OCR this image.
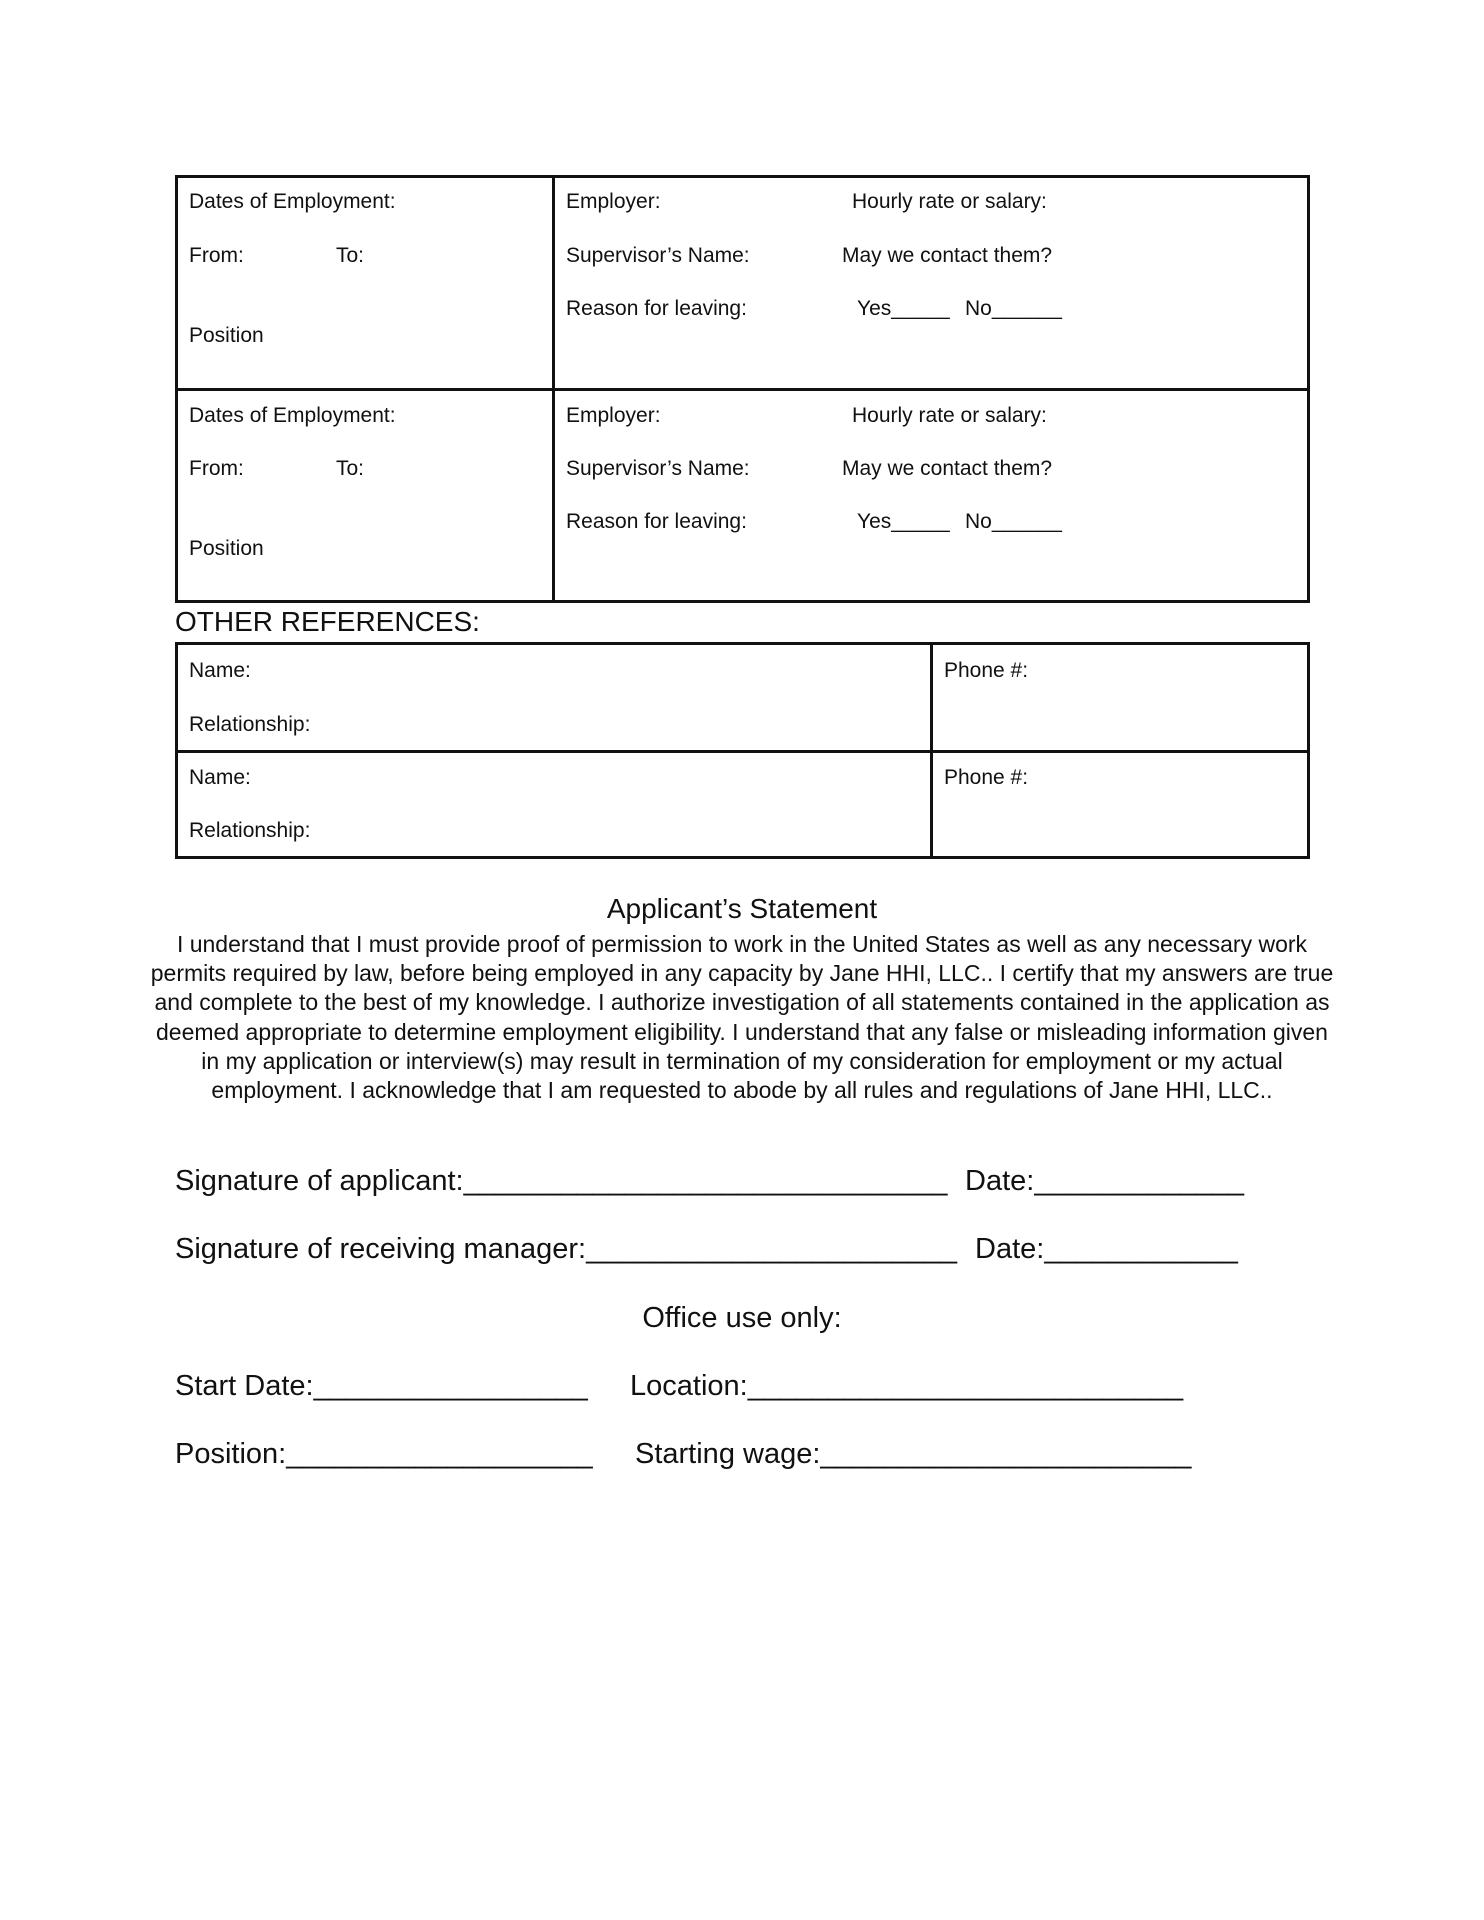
Dates of Employment:
From:	To:
Position
Employer:	Hourly rate or salary:
Supervisor’s Name:	May we contact them?
Reason for leaving:	Yes_____ No______
Dates of Employment:
From:	To:
Position
Employer:	Hourly rate or salary:
Supervisor’s Name:	May we contact them?
Reason for leaving:	Yes_____ No______
OTHER REFERENCES:
Name:
Relationship:
Phone #:
Name:
Relationship:
Phone #:
Applicant’s Statement
I understand that I must provide proof of permission to work in the United States as well as any necessary work permits required by law, before being employed in any capacity by Jane HHI, LLC.. I certify that my answers are true and complete to the best of my knowledge. I authorize investigation of all statements contained in the application as deemed appropriate to determine employment eligibility. I understand that any false or misleading information given in my application or interview(s) may result in termination of my consideration for employment or my actual employment. I acknowledge that I am requested to abode by all rules and regulations of Jane HHI, LLC..
Signature of applicant:______________________________ Date:_____________
Signature of receiving manager:_______________________ Date:____________
Office use only:
Start Date:_________________ Location:___________________________
Position:___________________ Starting wage:_______________________
